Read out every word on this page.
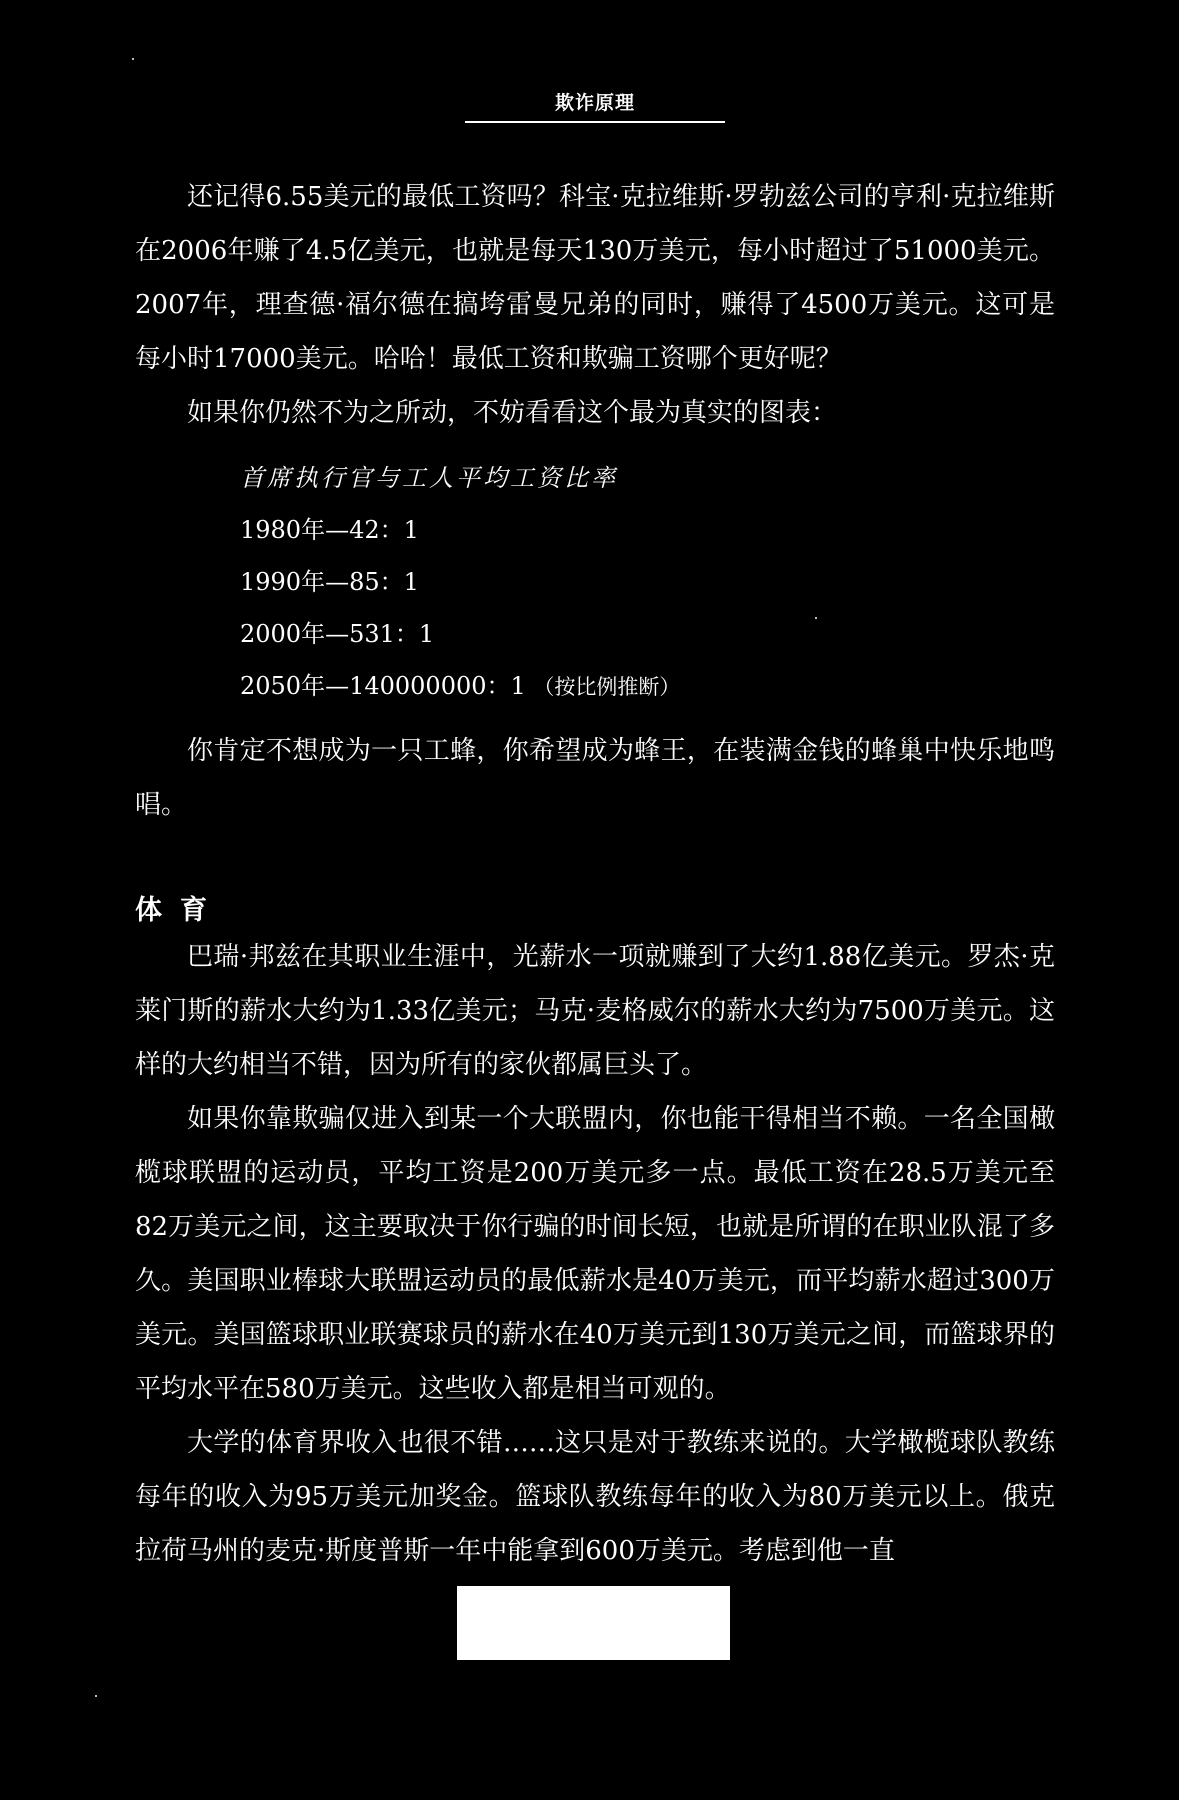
欺诈原理

还记得6.55美元的最低工资吗？科宝·克拉维斯·罗勃兹公司的亨利·克拉维斯在2006年赚了4.5亿美元，也就是每天130万美元，每小时超过了51000美元。2007年，理查德·福尔德在搞垮雷曼兄弟的同时，赚得了4500万美元。这可是每小时17000美元。哈哈！最低工资和欺骗工资哪个更好呢？

如果你仍然不为之所动，不妨看看这个最为真实的图表：

首席执行官与工人平均工资比率
1980年—42：1
1990年—85：1
2000年—531：1
2050年—140000000：1 （按比例推断）

你肯定不想成为一只工蜂，你希望成为蜂王，在装满金钱的蜂巢中快乐地鸣唱。

体育

巴瑞·邦兹在其职业生涯中，光薪水一项就赚到了大约1.88亿美元。罗杰·克莱门斯的薪水大约为1.33亿美元；马克·麦格威尔的薪水大约为7500万美元。这样的大约相当不错，因为所有的家伙都属巨头了。

如果你靠欺骗仅进入到某一个大联盟内，你也能干得相当不赖。一名全国橄榄球联盟的运动员，平均工资是200万美元多一点。最低工资在28.5万美元至82万美元之间，这主要取决于你行骗的时间长短，也就是所谓的在职业队混了多久。美国职业棒球大联盟运动员的最低薪水是40万美元，而平均薪水超过300万美元。美国篮球职业联赛球员的薪水在40万美元到130万美元之间，而篮球界的平均水平在580万美元。这些收入都是相当可观的。

大学的体育界收入也很不错……这只是对于教练来说的。大学橄榄球队教练每年的收入为95万美元加奖金。篮球队教练每年的收入为80万美元以上。俄克拉荷马州的麦克·斯度普斯一年中能拿到600万美元。考虑到他一直
